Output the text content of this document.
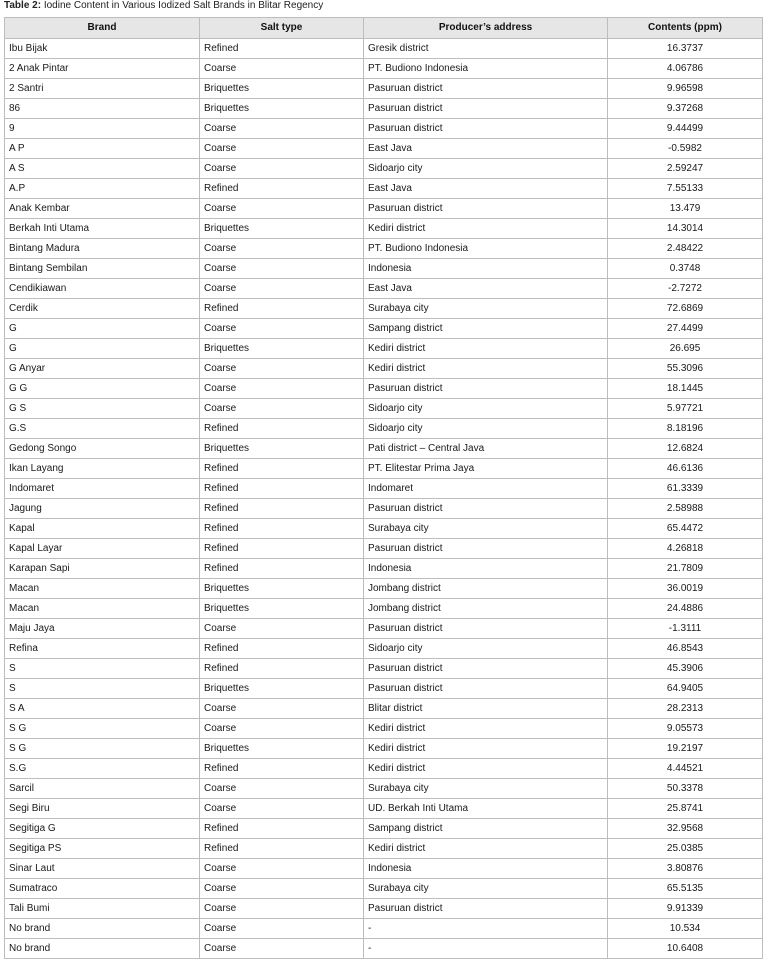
Table 2: Iodine Content in Various Iodized Salt Brands in Blitar Regency
Brand	Salt type	Producer’s address	Contents (ppm)
Ibu Bijak	Refined	Gresik district	16.3737
2 Anak Pintar	Coarse	PT. Budiono Indonesia	4.06786
2 Santri	Briquettes	Pasuruan district	9.96598
86	Briquettes	Pasuruan district	9.37268
9	Coarse	Pasuruan district	9.44499
A P	Coarse	East Java	-0.5982
A S	Coarse	Sidoarjo city	2.59247
A.P	Refined	East Java	7.55133
Anak Kembar	Coarse	Pasuruan district	13.479
Berkah Inti Utama	Briquettes	Kediri district	14.3014
Bintang Madura	Coarse	PT. Budiono Indonesia	2.48422
Bintang Sembilan	Coarse	Indonesia	0.3748
Cendikiawan	Coarse	East Java	-2.7272
Cerdik	Refined	Surabaya city	72.6869
G	Coarse	Sampang district	27.4499
G	Briquettes	Kediri district	26.695
G Anyar	Coarse	Kediri district	55.3096
G G	Coarse	Pasuruan district	18.1445
G S	Coarse	Sidoarjo city	5.97721
G.S	Refined	Sidoarjo city	8.18196
Gedong Songo	Briquettes	Pati district – Central Java	12.6824
Ikan Layang	Refined	PT. Elitestar Prima Jaya	46.6136
Indomaret	Refined	Indomaret	61.3339
Jagung	Refined	Pasuruan district	2.58988
Kapal	Refined	Surabaya city	65.4472
Kapal Layar	Refined	Pasuruan district	4.26818
Karapan Sapi	Refined	Indonesia	21.7809
Macan	Briquettes	Jombang district	36.0019
Macan	Briquettes	Jombang district	24.4886
Maju Jaya	Coarse	Pasuruan district	-1.3111
Refina	Refined	Sidoarjo city	46.8543
S	Refined	Pasuruan district	45.3906
S	Briquettes	Pasuruan district	64.9405
S A	Coarse	Blitar district	28.2313
S G	Coarse	Kediri district	9.05573
S G	Briquettes	Kediri district	19.2197
S.G	Refined	Kediri district	4.44521
Sarcil	Coarse	Surabaya city	50.3378
Segi Biru	Coarse	UD. Berkah Inti Utama	25.8741
Segitiga G	Refined	Sampang district	32.9568
Segitiga PS	Refined	Kediri district	25.0385
Sinar Laut	Coarse	Indonesia	3.80876
Sumatraco	Coarse	Surabaya city	65.5135
Tali Bumi	Coarse	Pasuruan district	9.91339
No brand	Coarse	-	10.534
No brand	Coarse	-	10.6408
